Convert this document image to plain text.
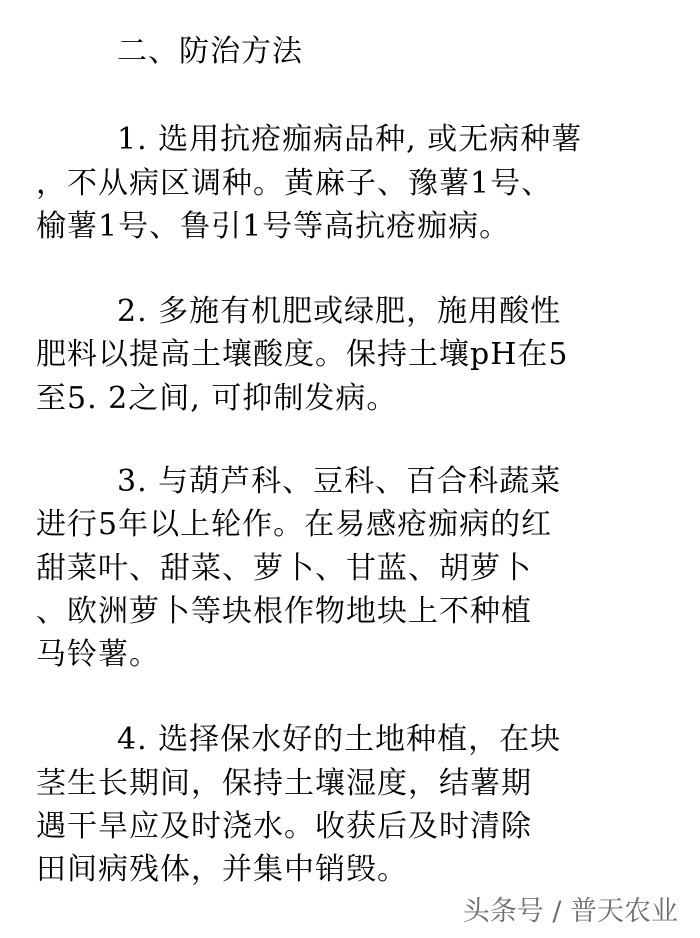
二、防治方法

1. 选用抗疮痂病品种, 或无病种薯

，不从病区调种。黄麻子、豫薯1号、

榆薯1号、鲁引1号等高抗疮痂病。

2. 多施有机肥或绿肥，施用酸性

肥料以提高土壤酸度。保持土壤pH在5

至5. 2之间, 可抑制发病。

3. 与葫芦科、豆科、百合科蔬菜

进行5年以上轮作。在易感疮痂病的红

甜菜叶、甜菜、萝卜、甘蓝、胡萝卜

、欧洲萝卜等块根作物地块上不种植

马铃薯。

4. 选择保水好的土地种植，在块

茎生长期间，保持土壤湿度，结薯期

遇干旱应及时浇水。收获后及时清除

田间病残体，并集中销毁。

头条号 / 普天农业
